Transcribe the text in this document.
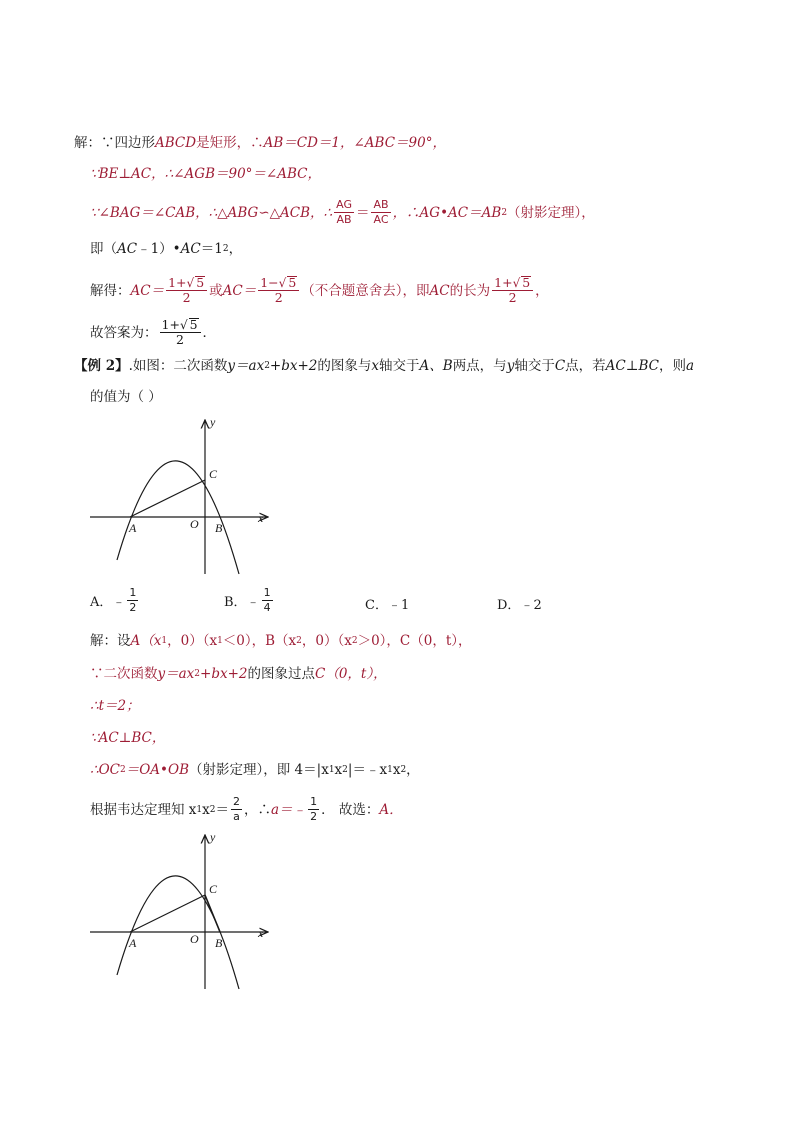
解：∵四边形 ABCD 是矩形，∴ AB＝CD＝1，∠ABC＝90°，
∵BE⊥AC，∴∠AGB＝90°＝∠ABC，
∵∠BAG＝∠CAB，∴△ABG∽△ACB，∴ $\frac{AG}{AB} = \frac{AB}{AC}$ ，∴AG•AC＝AB 2 （射影定理），
即（ AC ﹣1）• AC ＝1 2 ，
解得： $AC= \frac{1+√ 5}{2}$ 或 $AC= \frac{1-√ 5}{2}$ （不合题意舍去），即 AC 的长为 $\frac{1+√ 5}{2}$ ，
故答案为： $\frac{1+√ 5}{2}$ ．
【例 2】 .如图：二次函数 y＝ax 2 +bx+2 的图象与 x 轴交于 A、B 两点，与 y 轴交于 C 点，若 AC⊥BC ，则 a
的值为（ ）
x
y
C
A	O B
A． ﹣ $\frac{1}{2}$	B． ﹣ $\frac{1}{4}$	C． ﹣1	D． ﹣2
解：设 A（x 1 ，0）（x 1 ＜0），B（x 2 ，0）（x 2 ＞0），C（0，t），
∵二次函数 y＝ax 2 +bx+2 的图象过点 C（0，t），
∴t＝2；
∵AC⊥BC，
∴OC 2 ＝OA•OB （射影定理），即 4＝|x 1 x 2 |＝﹣x 1 x 2 ，
根据韦达定理知 x 1 x $2 = \frac{2}{a}$ ，∴ a＝﹣ $\frac{1}{2}$ ． 故选： A．
x
y
C
A	O B
